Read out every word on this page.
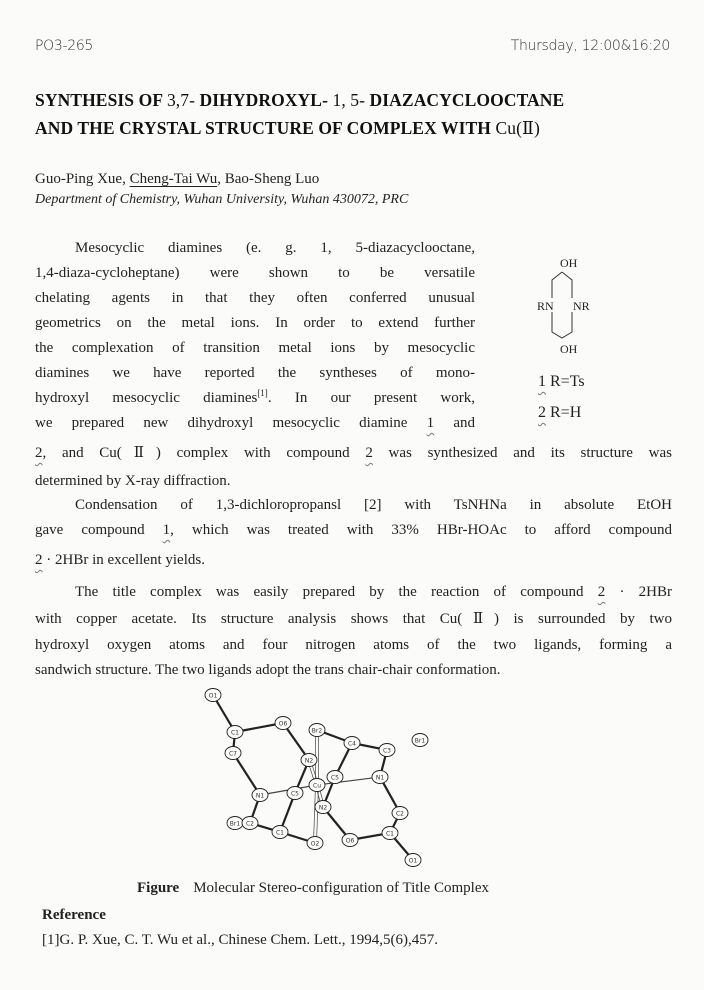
PO3-265	Thursday, 12:00&16:20
SYNTHESIS OF 3,7- DIHYDROXYL- 1, 5- DIAZACYCLOOCTANE
AND THE CRYSTAL STRUCTURE OF COMPLEX WITH Cu(Ⅱ)
Guo-Ping Xue, Cheng-Tai Wu, Bao-Sheng Luo
Department of Chemistry, Wuhan University, Wuhan 430072, PRC
Mesocyclic diamines (e. g. 1, 5-diazacyclooctane,
1,4-diaza-cycloheptane) were shown to be versatile
chelating agents in that they often conferred unusual
geometrics on the metal ions. In order to extend further
the complexation of transition metal ions by mesocyclic
diamines we have reported the syntheses of mono-
hydroxyl mesocyclic diamines[1]. In our present work,
we prepared new dihydroxyl mesocyclic diamine 1 and
2, and Cu(Ⅱ) complex with compound 2 was synthesized and its structure was
determined by X-ray diffraction.
Condensation of 1,3-dichloropropansl [2] with TsNHNa in absolute EtOH
gave compound 1, which was treated with 33% HBr-HOAc to afford compound
2 · 2HBr in excellent yields.
The title complex was easily prepared by the reaction of compound 2 · 2HBr
with copper acetate. Its structure analysis shows that Cu(Ⅱ) is surrounded by two
hydroxyl oxygen atoms and four nitrogen atoms of the two ligands, forming a
sandwich structure. The two ligands adopt the trans chair-chair conformation.
OH
RN NR
OH
1 R=Ts
2 R=H
O1
C1
O6
C7
N2
Br2
C4
C3
Br1
C5	N1
Cu
N1	C5
N2
C2
Br1 C2
C1
O2	O6
C1
O1
Figure Molecular Stereo-configuration of Title Complex
Reference
[1]G. P. Xue, C. T. Wu et al., Chinese Chem. Lett., 1994,5(6),457.
